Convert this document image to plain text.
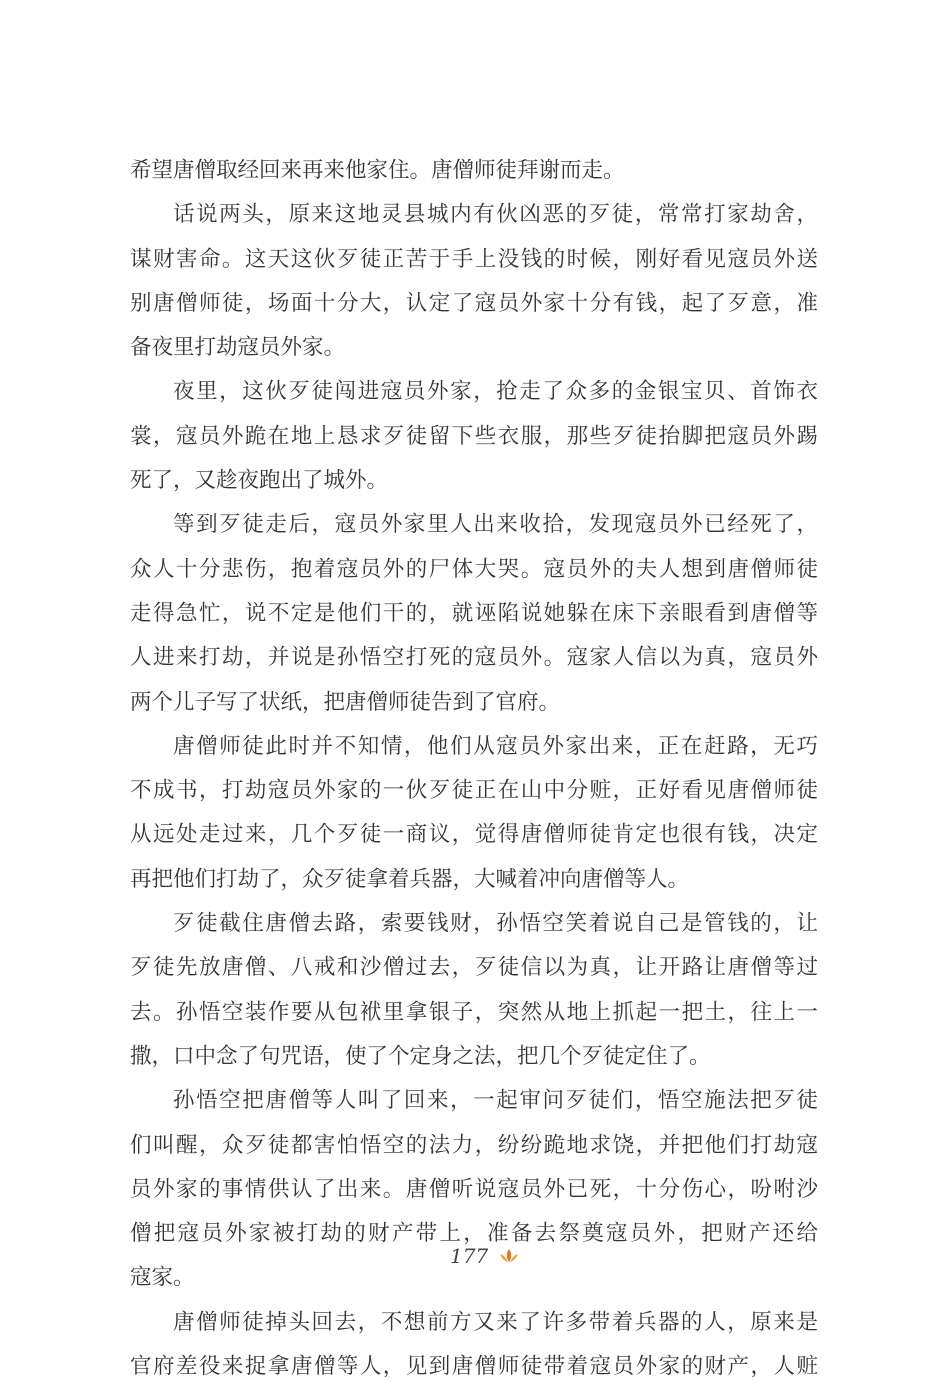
希望唐僧取经回来再来他家住。唐僧师徒拜谢而走。
话说两头，原来这地灵县城内有伙凶恶的歹徒，常常打家劫舍，
谋财害命。这天这伙歹徒正苦于手上没钱的时候，刚好看见寇员外送
别唐僧师徒，场面十分大，认定了寇员外家十分有钱，起了歹意，准
备夜里打劫寇员外家。
夜里，这伙歹徒闯进寇员外家，抢走了众多的金银宝贝、首饰衣
裳，寇员外跪在地上恳求歹徒留下些衣服，那些歹徒抬脚把寇员外踢
死了，又趁夜跑出了城外。
等到歹徒走后，寇员外家里人出来收拾，发现寇员外已经死了，
众人十分悲伤，抱着寇员外的尸体大哭。寇员外的夫人想到唐僧师徒
走得急忙，说不定是他们干的，就诬陷说她躲在床下亲眼看到唐僧等
人进来打劫，并说是孙悟空打死的寇员外。寇家人信以为真，寇员外
两个儿子写了状纸，把唐僧师徒告到了官府。
唐僧师徒此时并不知情，他们从寇员外家出来，正在赶路，无巧
不成书，打劫寇员外家的一伙歹徒正在山中分赃，正好看见唐僧师徒
从远处走过来，几个歹徒一商议，觉得唐僧师徒肯定也很有钱，决定
再把他们打劫了，众歹徒拿着兵器，大喊着冲向唐僧等人。
歹徒截住唐僧去路，索要钱财，孙悟空笑着说自己是管钱的，让
歹徒先放唐僧、八戒和沙僧过去，歹徒信以为真，让开路让唐僧等过
去。孙悟空装作要从包袱里拿银子，突然从地上抓起一把土，往上一
撒，口中念了句咒语，使了个定身之法，把几个歹徒定住了。
孙悟空把唐僧等人叫了回来，一起审问歹徒们，悟空施法把歹徒
们叫醒，众歹徒都害怕悟空的法力，纷纷跪地求饶，并把他们打劫寇
员外家的事情供认了出来。唐僧听说寇员外已死，十分伤心，吩咐沙
僧把寇员外家被打劫的财产带上，准备去祭奠寇员外，把财产还给
寇家。
唐僧师徒掉头回去，不想前方又来了许多带着兵器的人，原来是
官府差役来捉拿唐僧等人，见到唐僧师徒带着寇员外家的财产，人赃
177
